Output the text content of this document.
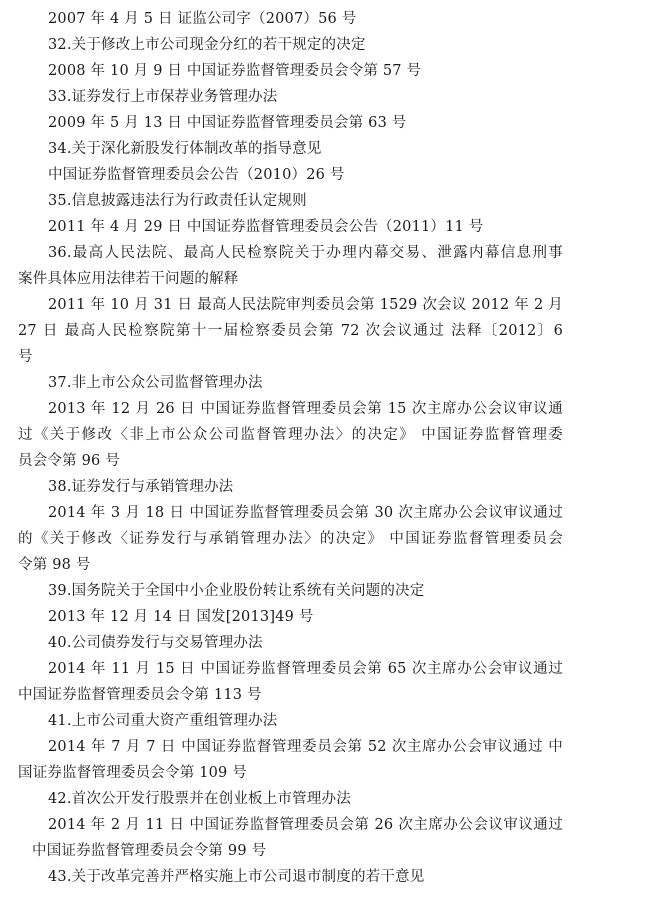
2007 年 4 月 5 日 证监公司字（2007）56 号
32.关于修改上市公司现金分红的若干规定的决定
2008 年 10 月 9 日 中国证券监督管理委员会令第 57 号
33.证券发行上市保荐业务管理办法
2009 年 5 月 13 日 中国证券监督管理委员会第 63 号
34.关于深化新股发行体制改革的指导意见
中国证券监督管理委员会公告（2010）26 号
35.信息披露违法行为行政责任认定规则
2011 年 4 月 29 日 中国证券监督管理委员会公告（2011）11 号
36.最高人民法院、最高人民检察院关于办理内幕交易、泄露内幕信息刑事
案件具体应用法律若干问题的解释
2011 年 10 月 31 日 最高人民法院审判委员会第 1529 次会议 2012 年 2 月
27 日 最高人民检察院第十一届检察委员会第 72 次会议通过 法释〔2012〕6
号
37.非上市公众公司监督管理办法
2013 年 12 月 26 日 中国证券监督管理委员会第 15 次主席办公会议审议通
过《关于修改〈非上市公众公司监督管理办法〉的决定》 中国证券监督管理委
员会令第 96 号
38.证券发行与承销管理办法
2014 年 3 月 18 日 中国证券监督管理委员会第 30 次主席办公会议审议通过
的《关于修改〈证券发行与承销管理办法〉的决定》 中国证券监督管理委员会
令第 98 号
39.国务院关于全国中小企业股份转让系统有关问题的决定
2013 年 12 月 14 日 国发[2013]49 号
40.公司债券发行与交易管理办法
2014 年 11 月 15 日 中国证券监督管理委员会第 65 次主席办公会审议通过
中国证券监督管理委员会令第 113 号
41.上市公司重大资产重组管理办法
2014 年 7 月 7 日 中国证券监督管理委员会第 52 次主席办公会审议通过 中
国证券监督管理委员会令第 109 号
42.首次公开发行股票并在创业板上市管理办法
2014 年 2 月 11 日 中国证券监督管理委员会第 26 次主席办公会议审议通过
中国证券监督管理委员会令第 99 号
43.关于改革完善并严格实施上市公司退市制度的若干意见
